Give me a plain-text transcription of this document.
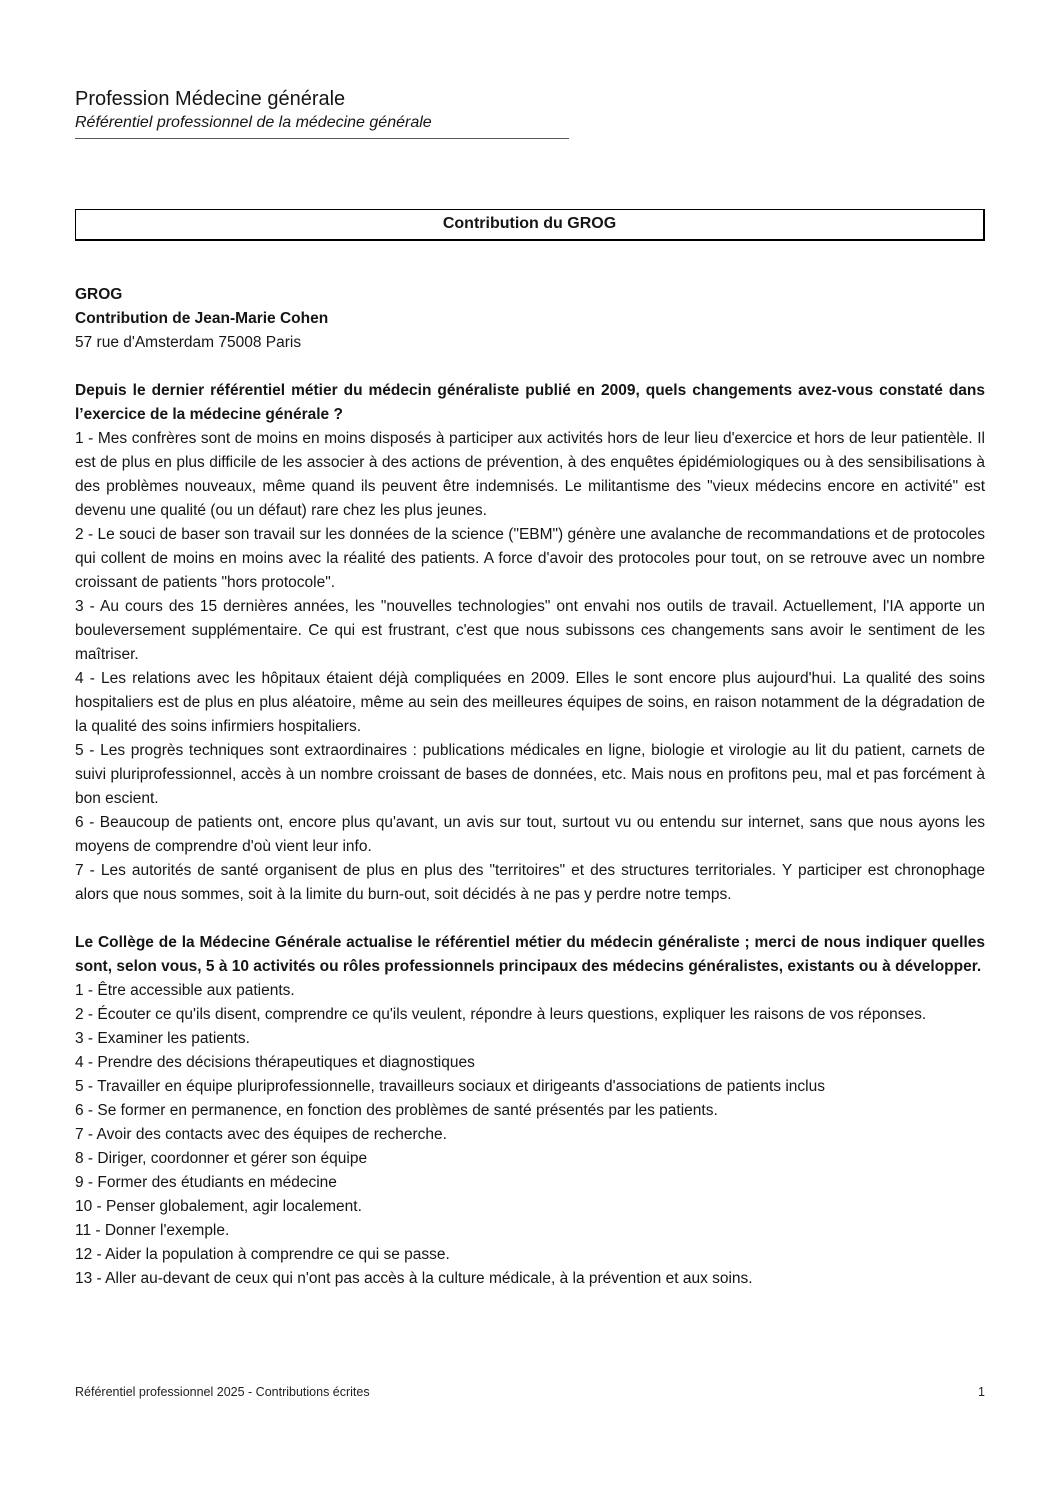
Profession Médecine générale
Référentiel professionnel de la médecine générale
Contribution du GROG

GROG

Contribution de Jean-Marie Cohen

57 rue d'Amsterdam 75008 Paris

Depuis le dernier référentiel métier du médecin généraliste publié en 2009, quels changements avez-vous constaté dans l’exercice de la médecine générale ?

1 - Mes confrères sont de moins en moins disposés à participer aux activités hors de leur lieu d'exercice et hors de leur patientèle. Il est de plus en plus difficile de les associer à des actions de prévention, à des enquêtes épidémiologiques ou à des sensibilisations à des problèmes nouveaux, même quand ils peuvent être indemnisés. Le militantisme des "vieux médecins encore en activité" est devenu une qualité (ou un défaut) rare chez les plus jeunes.

2 - Le souci de baser son travail sur les données de la science ("EBM") génère une avalanche de recommandations et de protocoles qui collent de moins en moins avec la réalité des patients. A force d'avoir des protocoles pour tout, on se retrouve avec un nombre croissant de patients "hors protocole".

3 - Au cours des 15 dernières années, les "nouvelles technologies" ont envahi nos outils de travail. Actuellement, l'IA apporte un bouleversement supplémentaire. Ce qui est frustrant, c'est que nous subissons ces changements sans avoir le sentiment de les maîtriser.

4 - Les relations avec les hôpitaux étaient déjà compliquées en 2009. Elles le sont encore plus aujourd'hui. La qualité des soins hospitaliers est de plus en plus aléatoire, même au sein des meilleures équipes de soins, en raison notamment de la dégradation de la qualité des soins infirmiers hospitaliers.

5 - Les progrès techniques sont extraordinaires : publications médicales en ligne, biologie et virologie au lit du patient, carnets de suivi pluriprofessionnel, accès à un nombre croissant de bases de données, etc. Mais nous en profitons peu, mal et pas forcément à bon escient.

6 - Beaucoup de patients ont, encore plus qu'avant, un avis sur tout, surtout vu ou entendu sur internet, sans que nous ayons les moyens de comprendre d'où vient leur info.

7 - Les autorités de santé organisent de plus en plus des "territoires" et des structures territoriales. Y participer est chronophage alors que nous sommes, soit à la limite du burn-out, soit décidés à ne pas y perdre notre temps.

Le Collège de la Médecine Générale actualise le référentiel métier du médecin généraliste ; merci de nous indiquer quelles sont, selon vous, 5 à 10 activités ou rôles professionnels principaux des médecins généralistes, existants ou à développer.

1 - Être accessible aux patients.

2 - Écouter ce qu'ils disent, comprendre ce qu'ils veulent, répondre à leurs questions, expliquer les raisons de vos réponses.

3 - Examiner les patients.

4 - Prendre des décisions thérapeutiques et diagnostiques

5 - Travailler en équipe pluriprofessionnelle, travailleurs sociaux et dirigeants d'associations de patients inclus

6 - Se former en permanence, en fonction des problèmes de santé présentés par les patients.

7 - Avoir des contacts avec des équipes de recherche.

8 - Diriger, coordonner et gérer son équipe

9 - Former des étudiants en médecine

10 - Penser globalement, agir localement.

11 - Donner l'exemple.

12 - Aider la population à comprendre ce qui se passe.

13 - Aller au-devant de ceux qui n'ont pas accès à la culture médicale, à la prévention et aux soins.

Référentiel professionnel 2025 - Contributions écrites	1
